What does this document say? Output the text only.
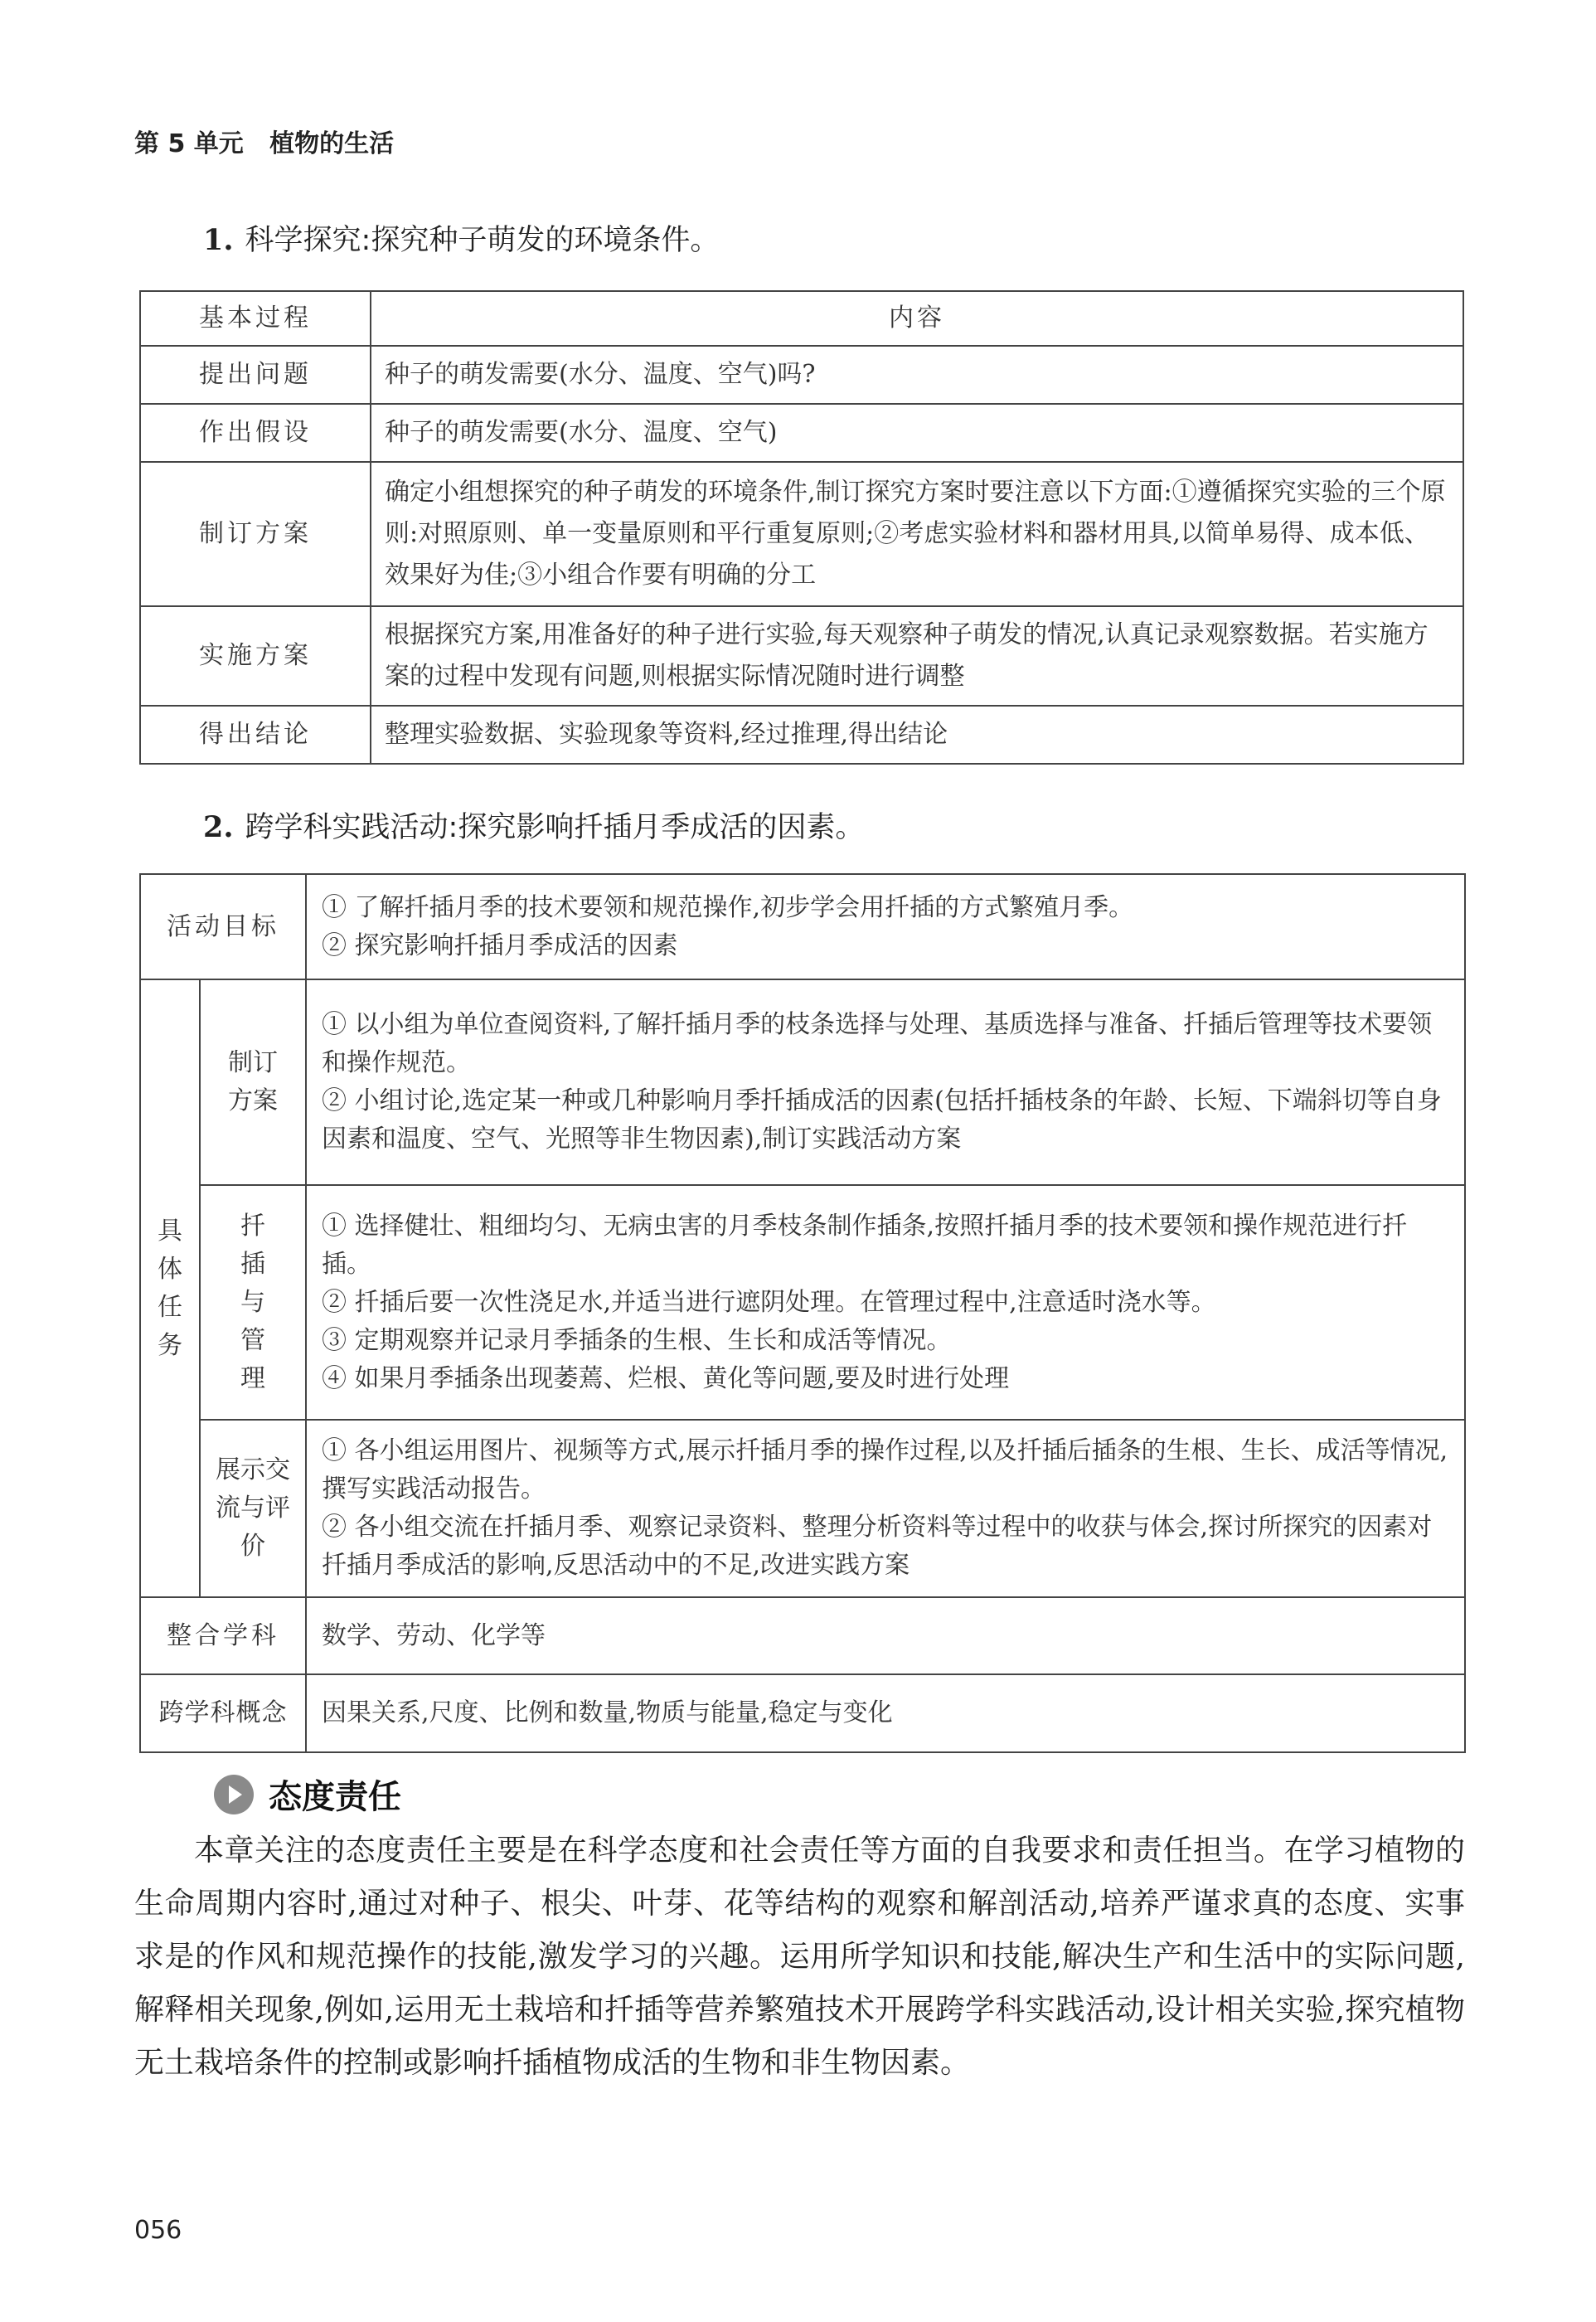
第 5 单元 植物的生活
1. 科学探究:探究种子萌发的环境条件。
基本过程	内容
提出问题	种子的萌发需要(水分、温度、空气)吗?
作出假设	种子的萌发需要(水分、温度、空气)
制订方案	确定小组想探究的种子萌发的环境条件,制订探究方案时要注意以下方面:①遵循探究实验的三个原则:对照原则、单一变量原则和平行重复原则;②考虑实验材料和器材用具,以简单易得、成本低、效果好为佳;③小组合作要有明确的分工
实施方案	根据探究方案,用准备好的种子进行实验,每天观察种子萌发的情况,认真记录观察数据。若实施方案的过程中发现有问题,则根据实际情况随时进行调整
得出结论	整理实验数据、实验现象等资料,经过推理,得出结论
2. 跨学科实践活动:探究影响扦插月季成活的因素。
活动目标		① 了解扦插月季的技术要领和规范操作,初步学会用扦插的方式繁殖月季。

② 探究影响扦插月季成活的因素

具体任务	制订方案	① 以小组为单位查阅资料,了解扦插月季的枝条选择与处理、基质选择与准备、扦插后管理等技术要领和操作规范。

② 小组讨论,选定某一种或几种影响月季扦插成活的因素(包括扦插枝条的年龄、长短、下端斜切等自身因素和温度、空气、光照等非生物因素),制订实践活动方案

	扦插与管理	① 选择健壮、粗细均匀、无病虫害的月季枝条制作插条,按照扦插月季的技术要领和操作规范进行扦插。

② 扦插后要一次性浇足水,并适当进行遮阴处理。在管理过程中,注意适时浇水等。

③ 定期观察并记录月季插条的生根、生长和成活等情况。

④ 如果月季插条出现萎蔫、烂根、黄化等问题,要及时进行处理

	展示交流与评价	① 各小组运用图片、视频等方式,展示扦插月季的操作过程,以及扦插后插条的生根、生长、成活等情况,撰写实践活动报告。

② 各小组交流在扦插月季、观察记录资料、整理分析资料等过程中的收获与体会,探讨所探究的因素对扦插月季成活的影响,反思活动中的不足,改进实践方案

整合学科		数学、劳动、化学等
跨学科概念		因果关系,尺度、比例和数量,物质与能量,稳定与变化
态度责任
本章关注的态度责任主要是在科学态度和社会责任等方面的自我要求和责任担当。在学习植物的生命周期内容时,通过对种子、根尖、叶芽、花等结构的观察和解剖活动,培养严谨求真的态度、实事求是的作风和规范操作的技能,激发学习的兴趣。运用所学知识和技能,解决生产和生活中的实际问题,解释相关现象,例如,运用无土栽培和扦插等营养繁殖技术开展跨学科实践活动,设计相关实验,探究植物无土栽培条件的控制或影响扦插植物成活的生物和非生物因素。
056
